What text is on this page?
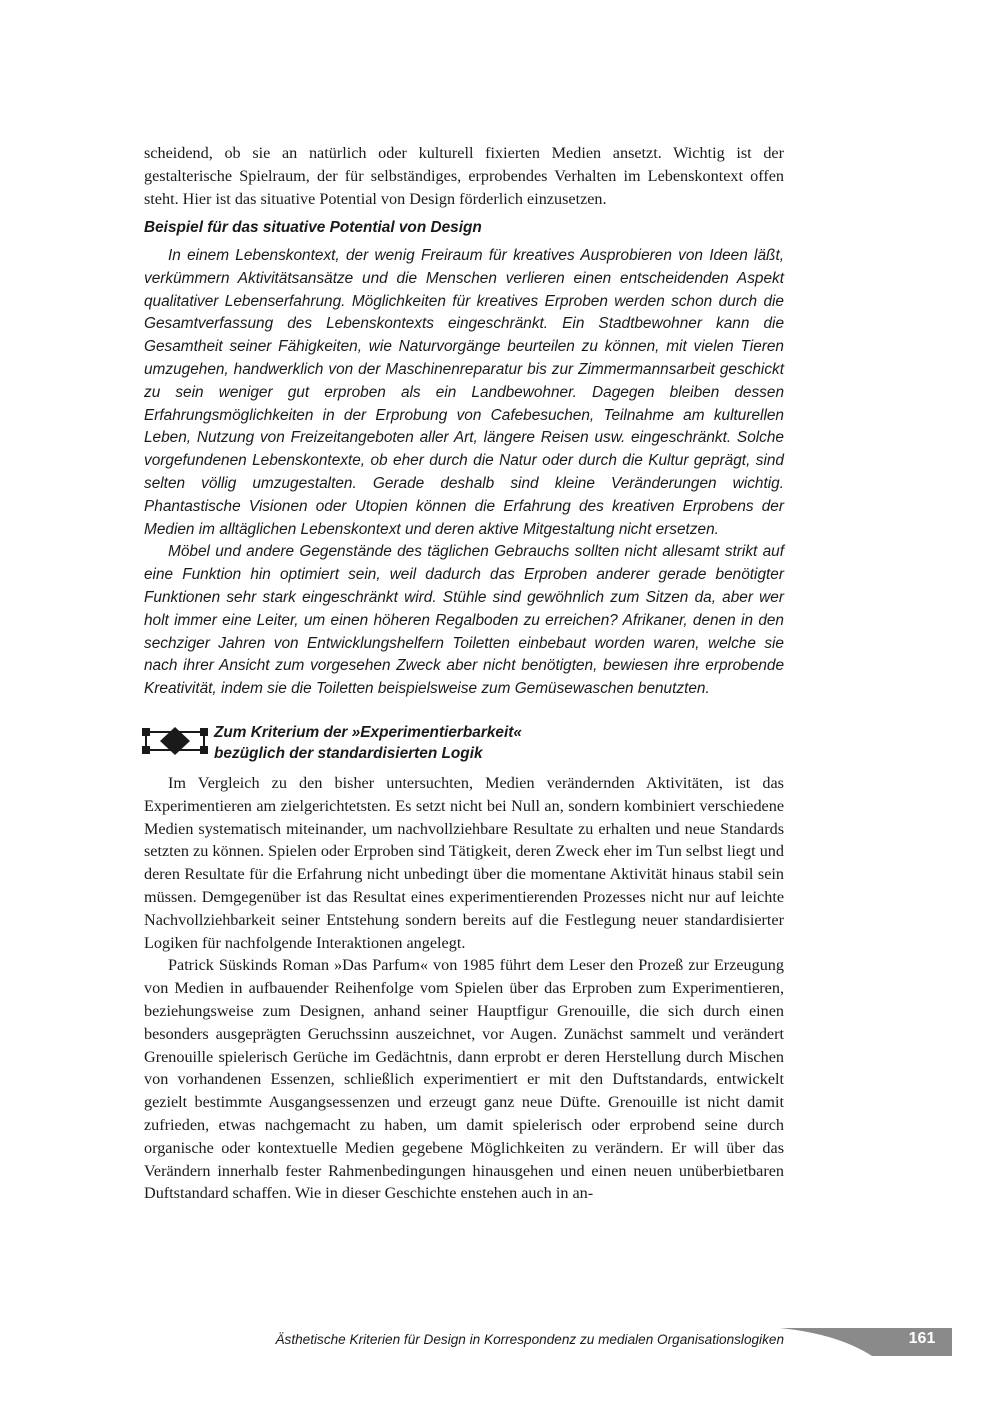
scheidend, ob sie an natürlich oder kulturell fixierten Medien ansetzt. Wichtig ist der gestalterische Spielraum, der für selbständiges, erprobendes Verhalten im Lebenskontext offen steht. Hier ist das situative Potential von Design förderlich einzusetzen.

Beispiel für das situative Potential von Design

In einem Lebenskontext, der wenig Freiraum für kreatives Ausprobieren von Ideen läßt, verkümmern Aktivitätsansätze und die Menschen verlieren einen entscheidenden Aspekt qualitativer Lebenserfahrung. Möglichkeiten für kreatives Erproben werden schon durch die Gesamtverfassung des Lebenskontexts eingeschränkt. Ein Stadtbewohner kann die Gesamtheit seiner Fähigkeiten, wie Naturvorgänge beurteilen zu können, mit vielen Tieren umzugehen, handwerklich von der Maschinenreparatur bis zur Zimmermannsarbeit geschickt zu sein weniger gut erproben als ein Landbewohner. Dagegen bleiben dessen Erfahrungsmöglichkeiten in der Erprobung von Cafebesuchen, Teilnahme am kulturellen Leben, Nutzung von Freizeitangeboten aller Art, längere Reisen usw. eingeschränkt. Solche vorgefundenen Lebenskontexte, ob eher durch die Natur oder durch die Kultur geprägt, sind selten völlig umzugestalten. Gerade deshalb sind kleine Veränderungen wichtig. Phantastische Visionen oder Utopien können die Erfahrung des kreativen Erprobens der Medien im alltäglichen Lebenskontext und deren aktive Mitgestaltung nicht ersetzen.

Möbel und andere Gegenstände des täglichen Gebrauchs sollten nicht allesamt strikt auf eine Funktion hin optimiert sein, weil dadurch das Erproben anderer gerade benötigter Funktionen sehr stark eingeschränkt wird. Stühle sind gewöhnlich zum Sitzen da, aber wer holt immer eine Leiter, um einen höheren Regalboden zu erreichen? Afrikaner, denen in den sechziger Jahren von Entwicklungshelfern Toiletten einbebaut worden waren, welche sie nach ihrer Ansicht zum vorgesehen Zweck aber nicht benötigten, bewiesen ihre erprobende Kreativität, indem sie die Toiletten beispielsweise zum Gemüsewaschen benutzten.

Zum Kriterium der »Experimentierbarkeit«
bezüglich der standardisierten Logik

Im Vergleich zu den bisher untersuchten, Medien verändernden Aktivitäten, ist das Experimentieren am zielgerichtetsten. Es setzt nicht bei Null an, sondern kombiniert verschiedene Medien systematisch miteinander, um nachvollziehbare Resultate zu erhalten und neue Standards setzten zu können. Spielen oder Erproben sind Tätigkeit, deren Zweck eher im Tun selbst liegt und deren Resultate für die Erfahrung nicht unbedingt über die momentane Aktivität hinaus stabil sein müssen. Demgegenüber ist das Resultat eines experimentierenden Prozesses nicht nur auf leichte Nachvollziehbarkeit seiner Entstehung sondern bereits auf die Festlegung neuer standardisierter Logiken für nachfolgende Interaktionen angelegt.

Patrick Süskinds Roman »Das Parfum« von 1985 führt dem Leser den Prozeß zur Erzeugung von Medien in aufbauender Reihenfolge vom Spielen über das Erproben zum Experimentieren, beziehungsweise zum Designen, anhand seiner Hauptfigur Grenouille, die sich durch einen besonders ausgeprägten Geruchssinn auszeichnet, vor Augen. Zunächst sammelt und verändert Grenouille spielerisch Gerüche im Gedächtnis, dann erprobt er deren Herstellung durch Mischen von vorhandenen Essenzen, schließlich experimentiert er mit den Duftstandards, entwickelt gezielt bestimmte Ausgangsessenzen und erzeugt ganz neue Düfte. Grenouille ist nicht damit zufrieden, etwas nachgemacht zu haben, um damit spielerisch oder erprobend seine durch organische oder kontextuelle Medien gegebene Möglichkeiten zu verändern. Er will über das Verändern innerhalb fester Rahmenbedingungen hinausgehen und einen neuen unüberbietbaren Duftstandard schaffen. Wie in dieser Geschichte enstehen auch in an-

Ästhetische Kriterien für Design in Korrespondenz zu medialen Organisationslogiken	161
